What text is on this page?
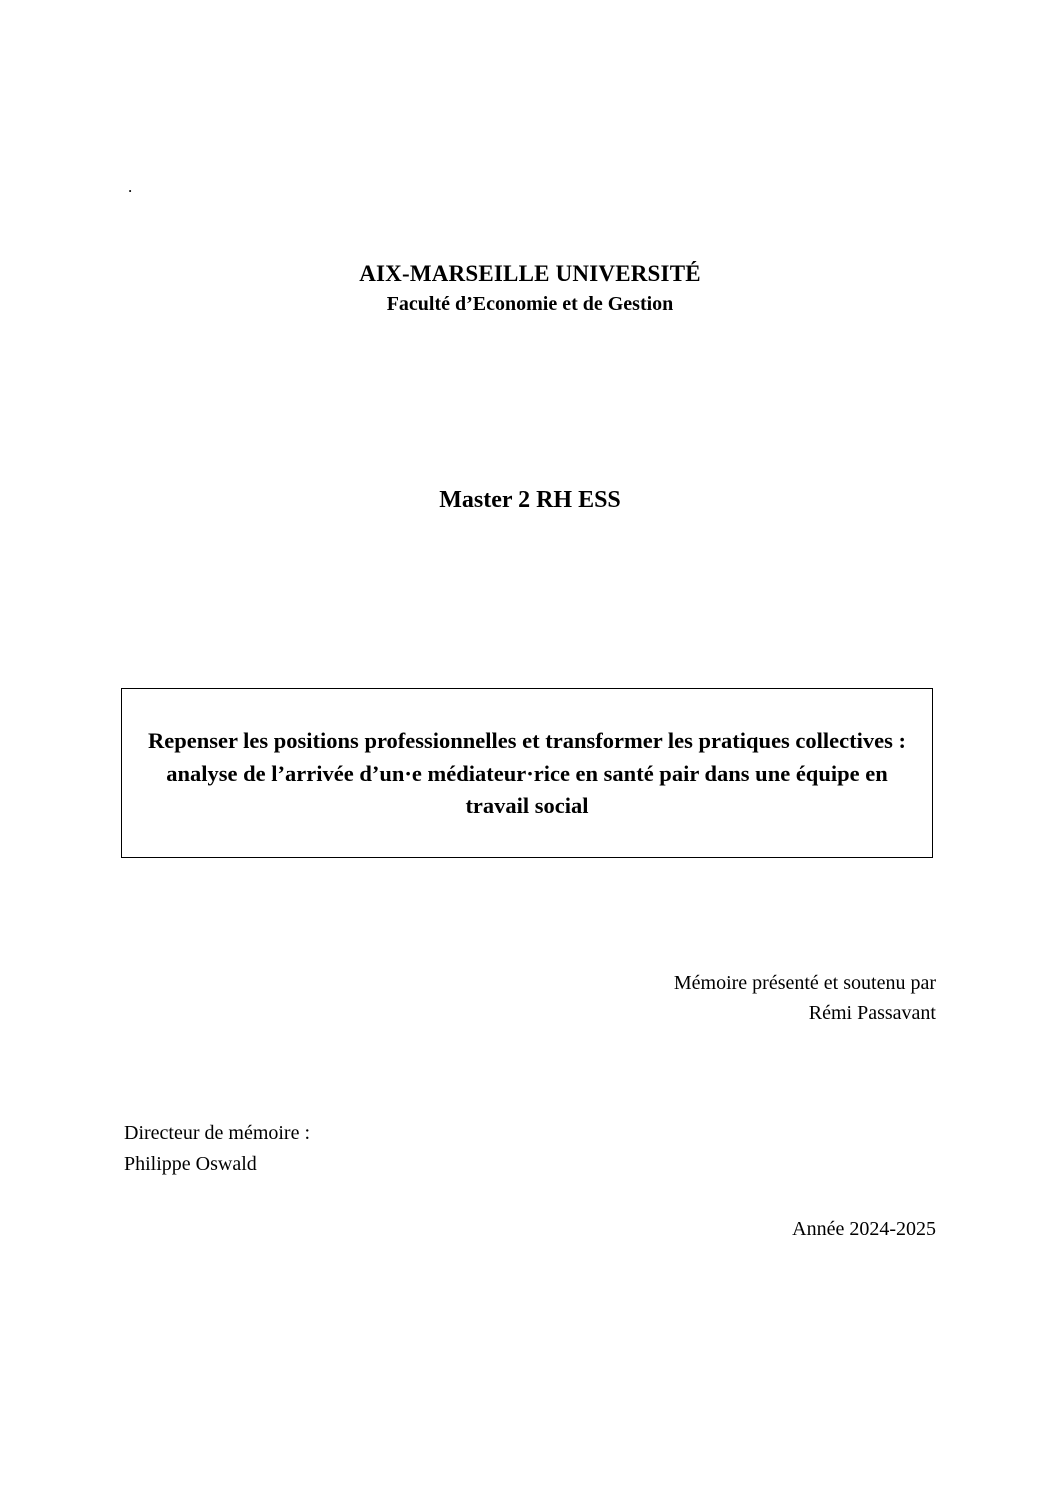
.
AIX-MARSEILLE UNIVERSITÉ
Faculté d’Economie et de Gestion
Master 2 RH ESS
Repenser les positions professionnelles et transformer les pratiques collectives : analyse de l’arrivée d’un·e médiateur·rice en santé pair dans une équipe en travail social
Mémoire présenté et soutenu par
Rémi Passavant
Directeur de mémoire :
Philippe Oswald
Année 2024-2025
